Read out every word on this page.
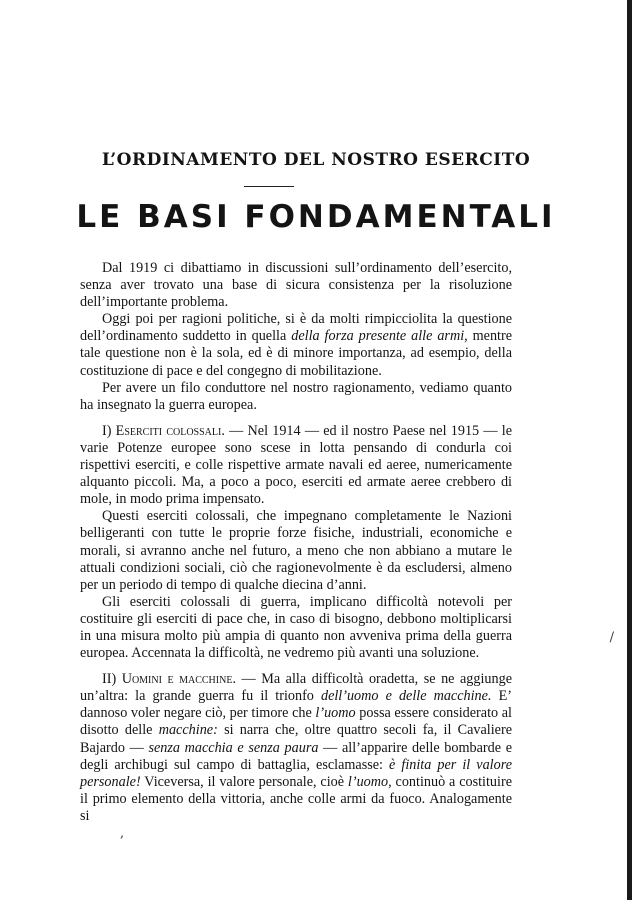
/
,
L’ORDINAMENTO DEL NOSTRO ESERCITO
LE BASI FONDAMENTALI

Dal 1919 ci dibattiamo in discussioni sull’ordinamento dell’esercito, senza aver trovato una base di sicura consistenza per la risoluzione dell’importante problema.

Oggi poi per ragioni politiche, si è da molti rimpicciolita la questione dell’ordinamento suddetto in quella della forza presente alle armi, mentre tale questione non è la sola, ed è di minore importanza, ad esempio, della costituzione di pace e del congegno di mobilitazione.

Per avere un filo conduttore nel nostro ragionamento, vediamo quanto ha insegnato la guerra europea.

I) Eserciti colossali. — Nel 1914 — ed il nostro Paese nel 1915 — le varie Potenze europee sono scese in lotta pensando di condurla coi rispettivi eserciti, e colle rispettive armate navali ed aeree, numericamente alquanto piccoli. Ma, a poco a poco, eserciti ed armate aeree crebbero di mole, in modo prima impensato.

Questi eserciti colossali, che impegnano completamente le Nazioni belligeranti con tutte le proprie forze fisiche, industriali, economiche e morali, si avranno anche nel futuro, a meno che non abbiano a mutare le attuali condizioni sociali, ciò che ragionevolmente è da escludersi, almeno per un periodo di tempo di qualche diecina d’anni.

Gli eserciti colossali di guerra, implicano difficoltà notevoli per costituire gli eserciti di pace che, in caso di bisogno, debbono moltiplicarsi in una misura molto più ampia di quanto non avveniva prima della guerra europea. Accennata la difficoltà, ne vedremo più avanti una soluzione.

II) Uomini e macchine. — Ma alla difficoltà oradetta, se ne aggiunge un’altra: la grande guerra fu il trionfo dell’uomo e delle macchine. E’ dannoso voler negare ciò, per timore che l’uomo possa essere considerato al disotto delle macchine: si narra che, oltre quattro secoli fa, il Cavaliere Bajardo — senza macchia e senza paura — all’apparire delle bombarde e degli archibugi sul campo di battaglia, esclamasse: è finita per il valore personale! Viceversa, il valore personale, cioè l’uomo, continuò a costituire il primo elemento della vittoria, anche colle armi da fuoco. Analogamente si
